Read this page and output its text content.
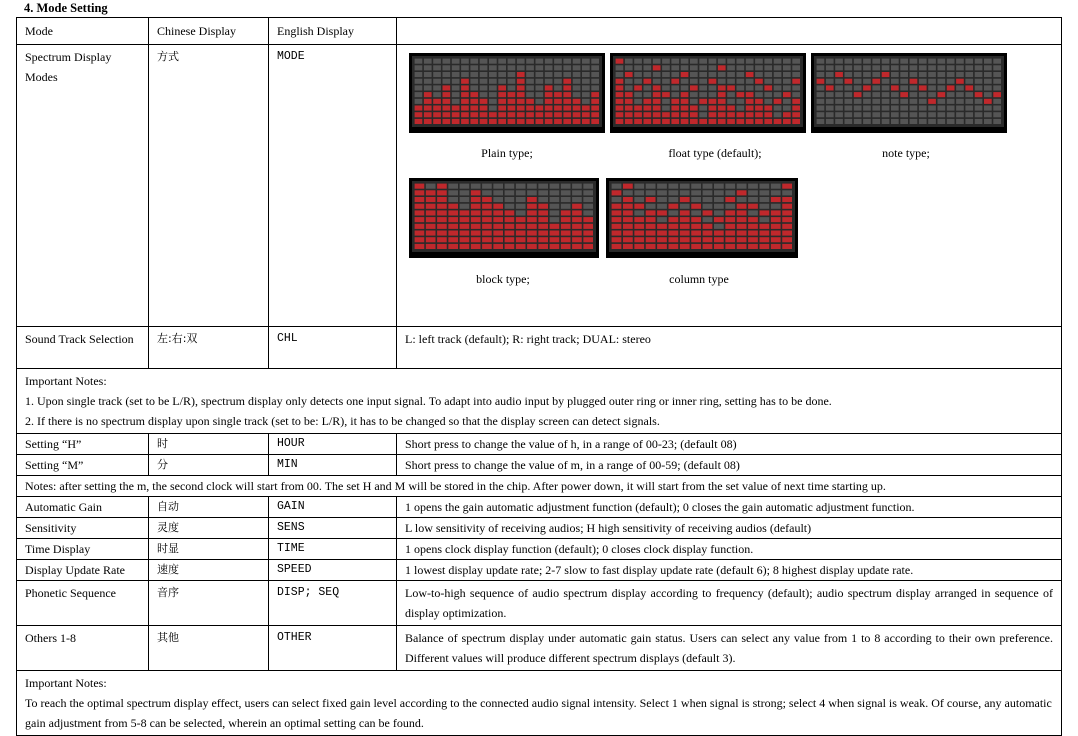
4. Mode Setting
Mode	Chinese Display	English Display	
Spectrum Display Modes	方式	MODE	Plain type; float type (default); note type;
block type; column type

Sound Track Selection	左:右:双	CHL	L: left track (default); R: right track; DUAL: stereo

Important Notes:
1. Upon single track (set to be L/R), spectrum display only detects one input signal. To adapt into audio input by plugged outer ring or inner ring, setting has to be done.
2. If there is no spectrum display upon single track (set to be: L/R), it has to be changed so that the display screen can detect signals.			

Setting “H”	时	HOUR	Short press to change the value of h, in a range of 00-23; (default 08)
Setting “M”	分	MIN	Short press to change the value of m, in a range of 00-59; (default 08)
Notes: after setting the m, the second clock will start from 00. The set H and M will be stored in the chip. After power down, it will start from the set value of next time starting up.			
Automatic Gain	自动	GAIN	1 opens the gain automatic adjustment function (default); 0 closes the gain automatic adjustment function.
Sensitivity	灵度	SENS	L low sensitivity of receiving audios; H high sensitivity of receiving audios (default)
Time Display	时显	TIME	1 opens clock display function (default); 0 closes clock display function.
Display Update Rate	速度	SPEED	1 lowest display update rate; 2-7 slow to fast display update rate (default 6); 8 highest display update rate.
Phonetic Sequence	音序	DISP; SEQ	Low-to-high sequence of audio spectrum display according to frequency (default); audio spectrum display arranged in sequence of display optimization.
Others 1-8	其他	OTHER	Balance of spectrum display under automatic gain status. Users can select any value from 1 to 8 according to their own preference. Different values will produce different spectrum displays (default 3).

Important Notes:
To reach the optimal spectrum display effect, users can select fixed gain level according to the connected audio signal intensity. Select 1 when signal is strong; select 4 when signal is weak. Of course, any automatic gain adjustment from 5-8 can be selected, wherein an optimal setting can be found.			
